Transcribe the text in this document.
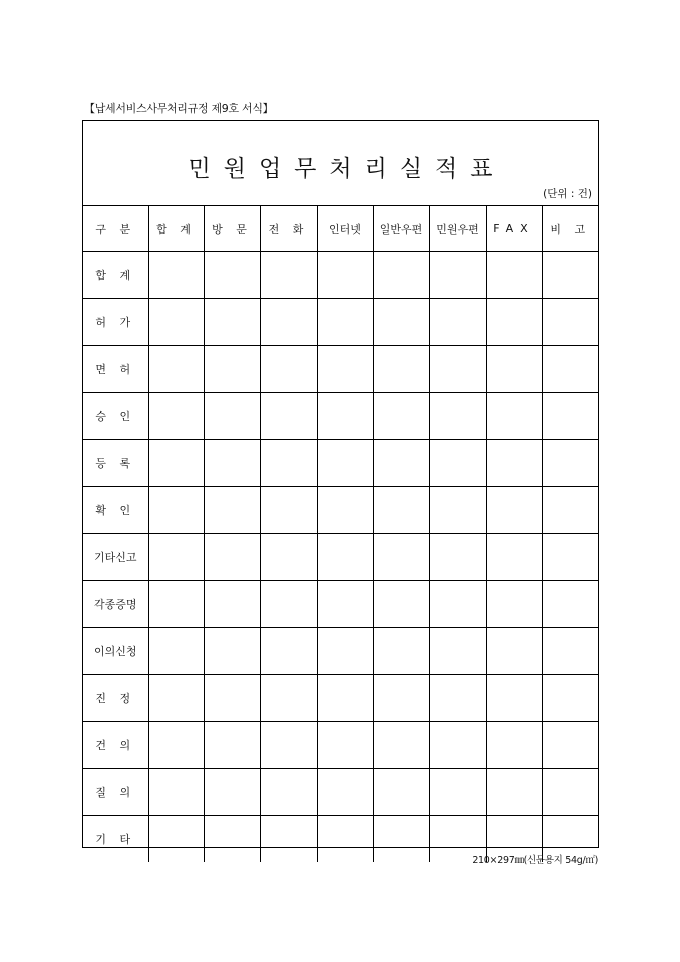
【납세서비스사무처리규정 제9호 서식】
민원업무처리실적표
(단위 : 건)
구 분	합 계	방 문	전 화	인터넷	일반우편	민원우편	FAX	비 고
합 계								
허 가								
면 허								
승 인								
등 록								
확 인								
기타신고								
각종증명								
이의신청								
진 정								
건 의								
질 의								
기 타								
210×297㎜(신문용지 54g/㎡)
